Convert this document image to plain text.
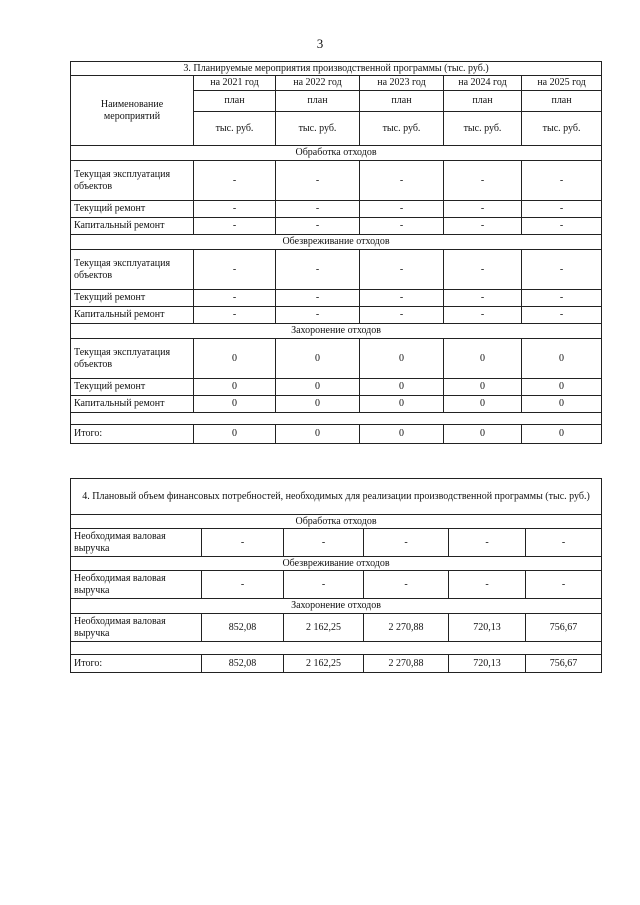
3
3. Планируемые мероприятия производственной программы (тыс. руб.)					
Наименование мероприятий	на 2021 год	на 2022 год	на 2023 год	на 2024 год	на 2025 год
	план	план	план	план	план
	тыс. руб.	тыс. руб.	тыс. руб.	тыс. руб.	тыс. руб.
Обработка отходов					
Текущая эксплуатация объектов	-	-	-	-	-
Текущий ремонт	-	-	-	-	-
Капитальный ремонт	-	-	-	-	-
Обезвреживание отходов					
Текущая эксплуатация объектов	-	-	-	-	-
Текущий ремонт	-	-	-	-	-
Капитальный ремонт	-	-	-	-	-
Захоронение отходов					
Текущая эксплуатация объектов	0	0	0	0	0
Текущий ремонт	0	0	0	0	0
Капитальный ремонт	0	0	0	0	0

Итого:	0	0	0	0	0
4. Плановый объем финансовых потребностей, необходимых для реализации производственной программы (тыс. руб.)					
Обработка отходов					
Необходимая валовая выручка	-	-	-	-	-
Обезвреживание отходов					
Необходимая валовая выручка	-	-	-	-	-
Захоронение отходов					
Необходимая валовая выручка	852,08	2 162,25	2 270,88	720,13	756,67

Итого:	852,08	2 162,25	2 270,88	720,13	756,67
